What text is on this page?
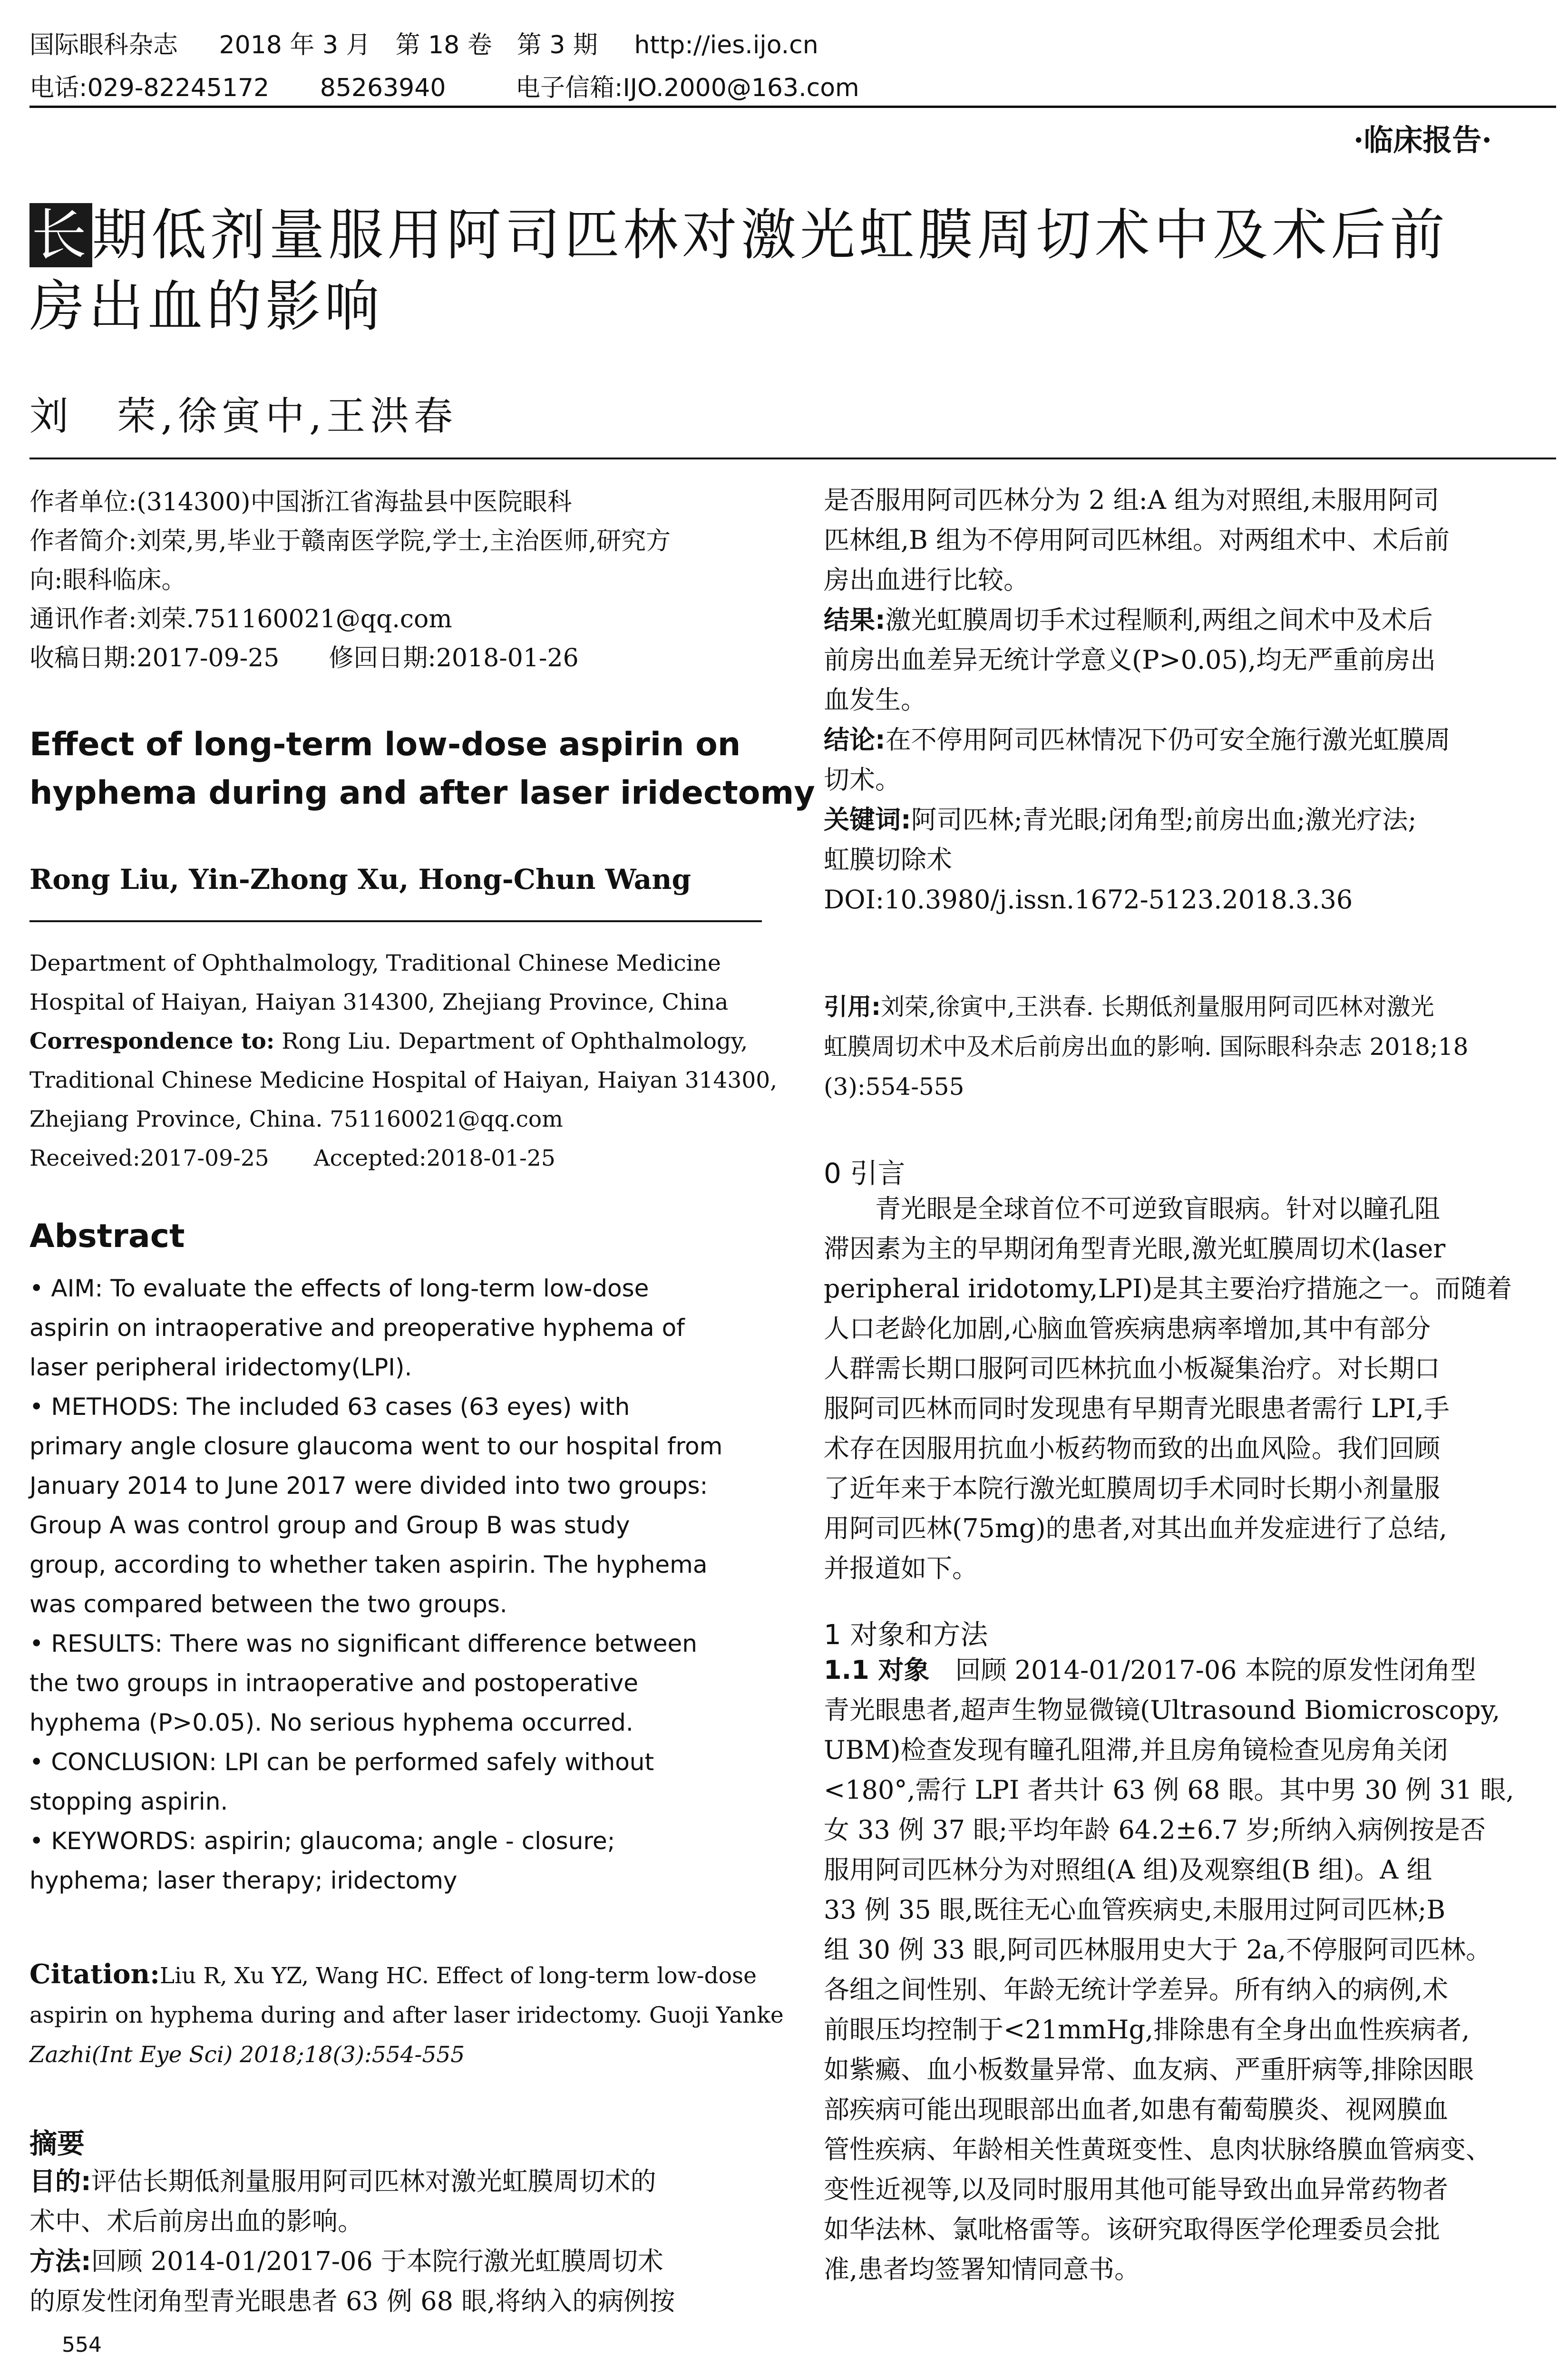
国际眼科杂志 2018 年 3 月　第 18 卷　第 3 期 http://ies.ijo.cn
电话:029-82245172 85263940	电子信箱:IJO.2000@163.com
·临床报告·
长期低剂量服用阿司匹林对激光虹膜周切术中及术后前
房出血的影响
刘　荣,徐寅中,王洪春
作者单位:(314300)中国浙江省海盐县中医院眼科
作者简介:刘荣,男,毕业于赣南医学院,学士,主治医师,研究方
向:眼科临床。
通讯作者:刘荣.751160021@qq.com
收稿日期:2017-09-25　　修回日期:2018-01-26
Effect of long-term low-dose aspirin on
hyphema during and after laser iridectomy
Rong Liu, Yin-Zhong Xu, Hong-Chun Wang
Department of Ophthalmology, Traditional Chinese Medicine
Hospital of Haiyan, Haiyan 314300, Zhejiang Province, China
Correspondence to: Rong Liu. Department of Ophthalmology,
Traditional Chinese Medicine Hospital of Haiyan, Haiyan 314300,
Zhejiang Province, China. 751160021@qq.com
Received:2017-09-25　　Accepted:2018-01-25
Abstract
• AIM: To evaluate the effects of long-term low-dose
aspirin on intraoperative and preoperative hyphema of
laser peripheral iridectomy(LPI).
• METHODS: The included 63 cases (63 eyes) with
primary angle closure glaucoma went to our hospital from
January 2014 to June 2017 were divided into two groups:
Group A was control group and Group B was study
group, according to whether taken aspirin. The hyphema
was compared between the two groups.
• RESULTS: There was no significant difference between
the two groups in intraoperative and postoperative
hyphema (P>0.05). No serious hyphema occurred.
• CONCLUSION: LPI can be performed safely without
stopping aspirin.
• KEYWORDS: aspirin; glaucoma; angle - closure;
hyphema; laser therapy; iridectomy
Citation:Liu R, Xu YZ, Wang HC. Effect of long-term low-dose
aspirin on hyphema during and after laser iridectomy. Guoji Yanke
Zazhi(Int Eye Sci) 2018;18(3):554-555
摘要
目的:评估长期低剂量服用阿司匹林对激光虹膜周切术的
术中、术后前房出血的影响。
方法:回顾 2014-01/2017-06 于本院行激光虹膜周切术
的原发性闭角型青光眼患者 63 例 68 眼,将纳入的病例按
是否服用阿司匹林分为 2 组:A 组为对照组,未服用阿司
匹林组,B 组为不停用阿司匹林组。对两组术中、术后前
房出血进行比较。
结果:激光虹膜周切手术过程顺利,两组之间术中及术后
前房出血差异无统计学意义(P>0.05),均无严重前房出
血发生。
结论:在不停用阿司匹林情况下仍可安全施行激光虹膜周
切术。
关键词:阿司匹林;青光眼;闭角型;前房出血;激光疗法;
虹膜切除术
DOI:10.3980/j.issn.1672-5123.2018.3.36
引用:刘荣,徐寅中,王洪春. 长期低剂量服用阿司匹林对激光
虹膜周切术中及术后前房出血的影响. 国际眼科杂志 2018;18
(3):554-555
0 引言
　　青光眼是全球首位不可逆致盲眼病。针对以瞳孔阻
滞因素为主的早期闭角型青光眼,激光虹膜周切术(laser
peripheral iridotomy,LPI)是其主要治疗措施之一。而随着
人口老龄化加剧,心脑血管疾病患病率增加,其中有部分
人群需长期口服阿司匹林抗血小板凝集治疗。对长期口
服阿司匹林而同时发现患有早期青光眼患者需行 LPI,手
术存在因服用抗血小板药物而致的出血风险。我们回顾
了近年来于本院行激光虹膜周切手术同时长期小剂量服
用阿司匹林(75mg)的患者,对其出血并发症进行了总结,
并报道如下。
1 对象和方法
1.1 对象　回顾 2014-01/2017-06 本院的原发性闭角型
青光眼患者,超声生物显微镜(Ultrasound Biomicroscopy,
UBM)检查发现有瞳孔阻滞,并且房角镜检查见房角关闭
<180°,需行 LPI 者共计 63 例 68 眼。其中男 30 例 31 眼,
女 33 例 37 眼;平均年龄 64.2±6.7 岁;所纳入病例按是否
服用阿司匹林分为对照组(A 组)及观察组(B 组)。A 组
33 例 35 眼,既往无心血管疾病史,未服用过阿司匹林;B
组 30 例 33 眼,阿司匹林服用史大于 2a,不停服阿司匹林。
各组之间性别、年龄无统计学差异。所有纳入的病例,术
前眼压均控制于<21mmHg,排除患有全身出血性疾病者,
如紫癜、血小板数量异常、血友病、严重肝病等,排除因眼
部疾病可能出现眼部出血者,如患有葡萄膜炎、视网膜血
管性疾病、年龄相关性黄斑变性、息肉状脉络膜血管病变、
变性近视等,以及同时服用其他可能导致出血异常药物者
如华法林、氯吡格雷等。该研究取得医学伦理委员会批
准,患者均签署知情同意书。
554
